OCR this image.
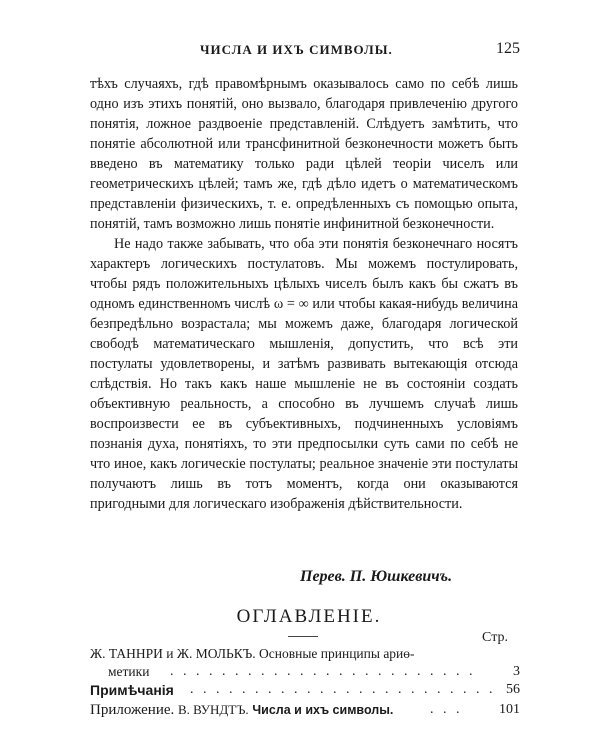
ЧИСЛА И ИХЪ СИМВОЛЫ.	125

тѣхъ случаяхъ, гдѣ правомѣрнымъ оказывалось само по себѣ лишь одно изъ этихъ понятій, оно вызвало, благодаря привлеченію другого понятія, ложное раздвоеніе представленій. Слѣдуетъ замѣтить, что понятіе абсолютной или трансфинитной безконечности можетъ быть введено въ математику только ради цѣлей теоріи чиселъ или геометрическихъ цѣлей; тамъ же, гдѣ дѣло идетъ о математическомъ представленіи физическихъ, т. е. опредѣленныхъ съ помощью опыта, понятій, тамъ возможно лишь понятіе инфинитной безконечности.

Не надо также забывать, что оба эти понятія безконечнаго носятъ характеръ логическихъ постулатовъ. Мы можемъ постулировать, чтобы рядъ положительныхъ цѣлыхъ чиселъ былъ какъ бы сжатъ въ одномъ единственномъ числѣ ω = ∞ или чтобы какая-нибудь величина безпредѣльно возрастала; мы можемъ даже, благодаря логической свободѣ математическаго мышленія, допустить, что всѣ эти постулаты удовлетворены, и затѣмъ развивать вытекающія отсюда слѣдствія. Но такъ какъ наше мышленіе не въ состояніи создать объективную реальность, а способно въ лучшемъ случаѣ лишь воспроизвести ее въ субъективныхъ, подчиненныхъ условіямъ познанія духа, понятіяхъ, то эти предпосылки суть сами по себѣ не что иное, какъ логическіе постулаты; реальное значеніе эти постулаты получаютъ лишь въ тотъ моментъ, когда они оказываются пригодными для логическаго изображенія дѣйствительности.

Перев. П. Юшкевичъ.
ОГЛАВЛЕНІЕ.
Стр.
Ж. ТАННРИ и Ж. МОЛЬКЪ. Основные принципы ариө-
метики . . . . . . . . . . . . . . . . . . . . . . . .	3
Примѣчанія . . . . . . . . . . . . . . . . . . . . . . . . 56
Приложение. В. ВУНДТЪ. Числа и ихъ символы.	. . .	101
